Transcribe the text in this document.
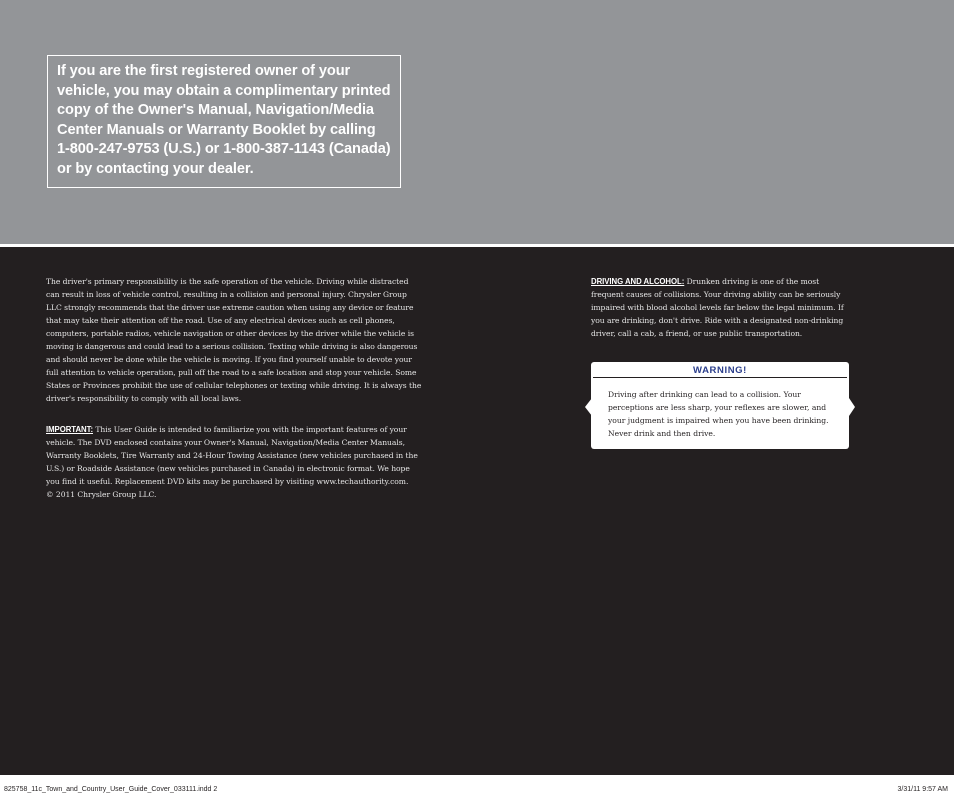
If you are the first registered owner of your vehicle, you may obtain a complimentary printed copy of the Owner's Manual, Navigation/Media Center Manuals or Warranty Booklet by calling 1-800-247-9753 (U.S.) or 1-800-387-1143 (Canada) or by contacting your dealer.
The driver's primary responsibility is the safe operation of the vehicle. Driving while distracted can result in loss of vehicle control, resulting in a collision and personal injury. Chrysler Group LLC strongly recommends that the driver use extreme caution when using any device or feature that may take their attention off the road. Use of any electrical devices such as cell phones, computers, portable radios, vehicle navigation or other devices by the driver while the vehicle is moving is dangerous and could lead to a serious collision. Texting while driving is also dangerous and should never be done while the vehicle is moving. If you find yourself unable to devote your full attention to vehicle operation, pull off the road to a safe location and stop your vehicle. Some States or Provinces prohibit the use of cellular telephones or texting while driving. It is always the driver's responsibility to comply with all local laws.
IMPORTANT: This User Guide is intended to familiarize you with the important features of your vehicle. The DVD enclosed contains your Owner's Manual, Navigation/Media Center Manuals, Warranty Booklets, Tire Warranty and 24-Hour Towing Assistance (new vehicles purchased in the U.S.) or Roadside Assistance (new vehicles purchased in Canada) in electronic format. We hope you find it useful. Replacement DVD kits may be purchased by visiting www.techauthority.com.
© 2011 Chrysler Group LLC.
DRIVING AND ALCOHOL: Drunken driving is one of the most frequent causes of collisions. Your driving ability can be seriously impaired with blood alcohol levels far below the legal minimum. If you are drinking, don't drive. Ride with a designated non-drinking driver, call a cab, a friend, or use public transportation.
WARNING!
Driving after drinking can lead to a collision. Your perceptions are less sharp, your reflexes are slower, and your judgment is impaired when you have been drinking. Never drink and then drive.
825758_11c_Town_and_Country_User_Guide_Cover_033111.indd 2	3/31/11 9:57 AM
